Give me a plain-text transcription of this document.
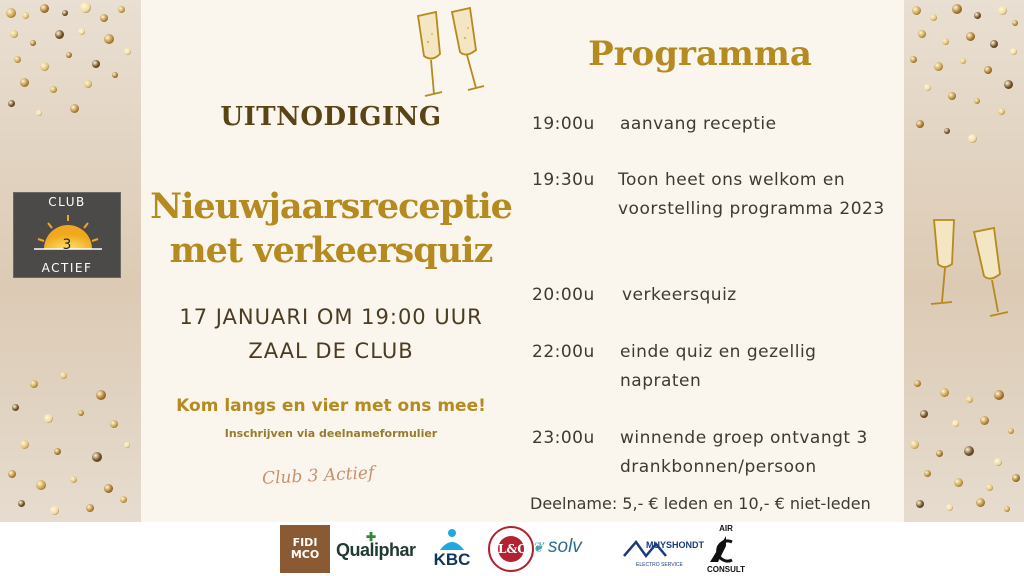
CLUB
3
ACTIEF
UITNODIGING
Nieuwjaarsreceptie
met verkeersquiz
17 JANUARI OM 19:00 UUR
ZAAL DE CLUB
Kom langs en vier met ons mee!
Inschrijven via deelnameformulier
Club 3 Actief
Programma
19:00u	aanvang receptie
19:30u	Toon heet ons welkom en voorstelling programma 2023
20:00u	verkeersquiz
22:00u	einde quiz en gezellig napraten
23:00u	winnende groep ontvangt 3 drankbonnen/persoon
Deelname: 5,- € leden en 10,- € niet-leden
FIDI
MCO
✚
Qualiphar KBC
L&Q ❦ solv	MUYSHONDT
ELECTRO SERVICE
AIR
CONSULT
